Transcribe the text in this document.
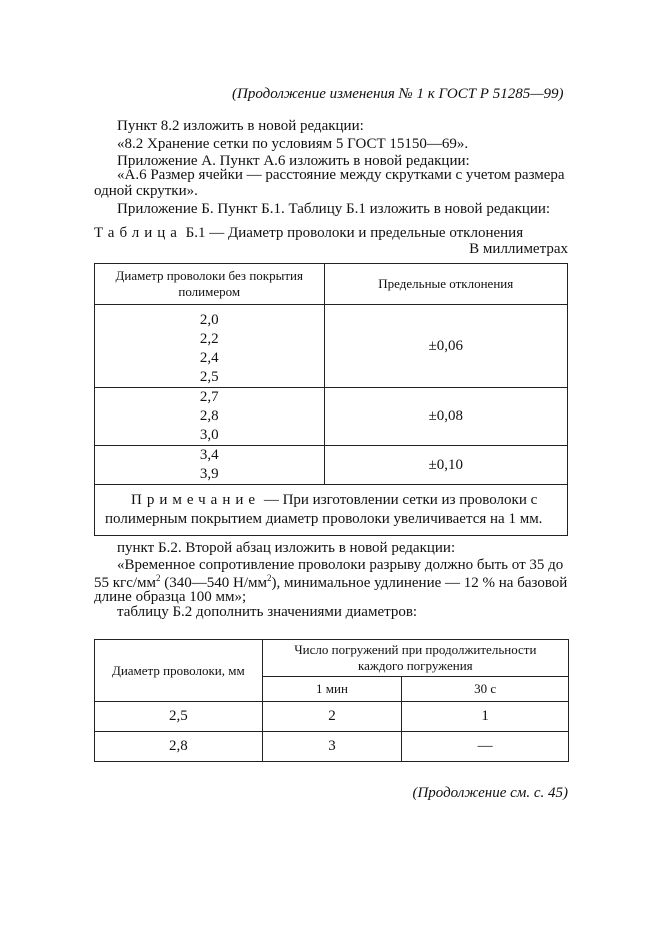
(Продолжение изменения № 1 к ГОСТ Р 51285—99)
Пункт 8.2 изложить в новой редакции:
«8.2 Хранение сетки по условиям 5 ГОСТ 15150—69».
Приложение А. Пункт А.6 изложить в новой редакции:
«А.6 Размер ячейки — расстояние между скрутками с учетом размера
одной скрутки».
Приложение Б. Пункт Б.1. Таблицу Б.1 изложить в новой редакции:
Таблица Б.1 — Диаметр проволоки и предельные отклонения
В миллиметрах
Диаметр проволоки без покрытия
полимером	Предельные отклонения

2,0
2,2
2,4
2,5	±0,06

2,7
2,8
3,0	±0,08

3,4
3,9	±0,10

Примечание — При изготовлении сетки из проволоки с
полимерным покрытием диаметр проволоки увеличивается на 1 мм.	
пункт Б.2. Второй абзац изложить в новой редакции:
«Временное сопротивление проволоки разрыву должно быть от 35 до
55 кгс/$мм^2$ (340—540 $Н/мм^2$), минимальное удлинение — 12 % на базовой
длине образца 100 мм»;
таблицу Б.2 дополнить значениями диаметров:
Диаметр проволоки, мм	Число погружений при продолжительности
каждого погружения	

	1 мин	30 с
2,5	2	1
2,8	3	—
(Продолжение см. с. 45)
